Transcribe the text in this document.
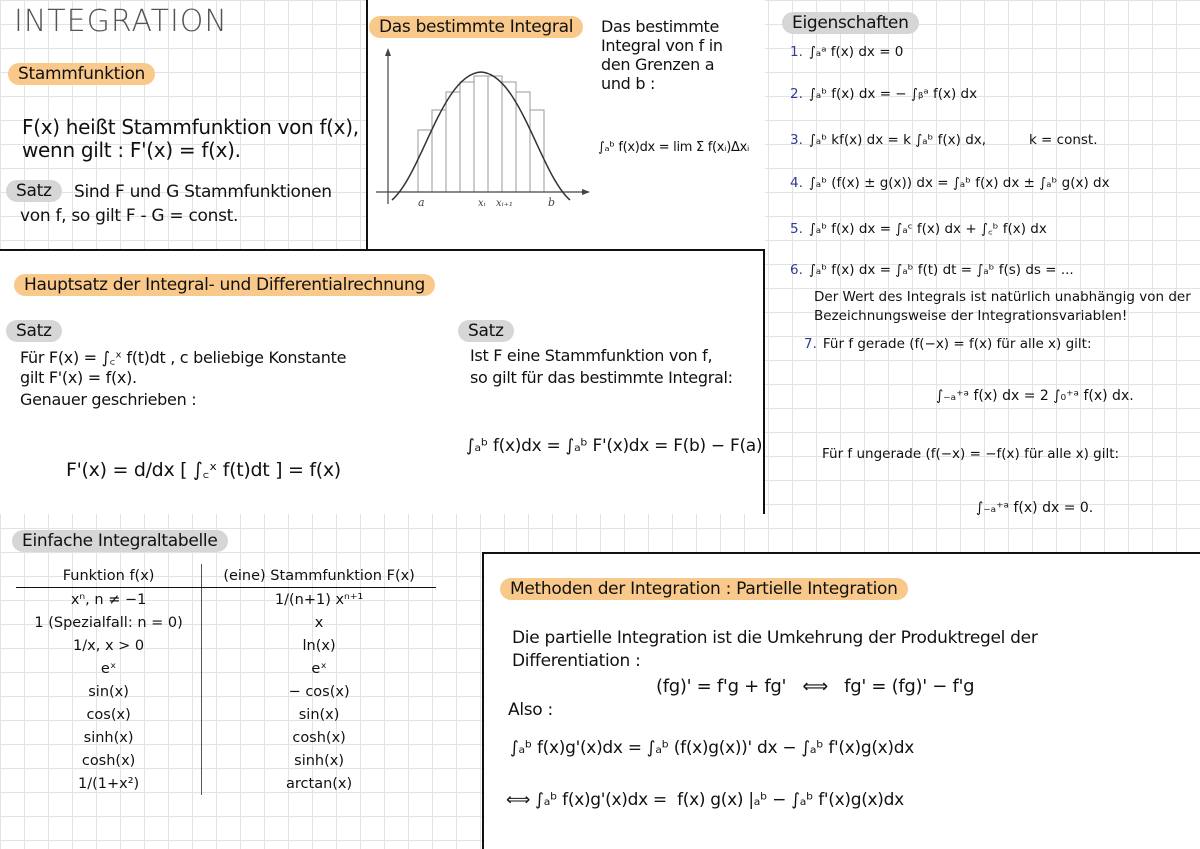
INTEGRATION
Stammfunktion
F(x) heißt Stammfunktion von f(x),
wenn gilt : F'(x) = f(x).
Satz	Sind F und G Stammfunktionen
von f, so gilt F - G = const.
Das bestimmte Integral
a	xᵢ xᵢ₊₁	b
Das bestimmte
Integral von f in
den Grenzen a
und b :
∫ₐᵇ f(x)dx = lim Σ f(xᵢ)Δxᵢ
Eigenschaften
1. ∫ₐᵃ f(x) dx = 0
2. ∫ₐᵇ f(x) dx = − ∫ᵦᵃ f(x) dx
3. ∫ₐᵇ kf(x) dx = k ∫ₐᵇ f(x) dx,          k = const.
4. ∫ₐᵇ (f(x) ± g(x)) dx = ∫ₐᵇ f(x) dx ± ∫ₐᵇ g(x) dx
5. ∫ₐᵇ f(x) dx = ∫ₐᶜ f(x) dx + ∫꜀ᵇ f(x) dx
6. ∫ₐᵇ f(x) dx = ∫ₐᵇ f(t) dt = ∫ₐᵇ f(s) ds = ...
Der Wert des Integrals ist natürlich unabhängig von der
Bezeichnungsweise der Integrationsvariablen!
7. Für f gerade (f(−x) = f(x) für alle x) gilt:
∫₋ₐ⁺ᵃ f(x) dx = 2 ∫₀⁺ᵃ f(x) dx.
Für f ungerade (f(−x) = −f(x) für alle x) gilt:
∫₋ₐ⁺ᵃ f(x) dx = 0.
Hauptsatz der Integral- und Differentialrechnung
Satz
Für F(x) = ∫꜀ˣ f(t)dt , c beliebige Konstante
gilt F'(x) = f(x).
Genauer geschrieben :
F'(x) = d/dx [ ∫꜀ˣ f(t)dt ] = f(x)
Satz
Ist F eine Stammfunktion von f,
so gilt für das bestimmte Integral:
∫ₐᵇ f(x)dx = ∫ₐᵇ F'(x)dx = F(b) − F(a)
Einfache Integraltabelle
Funktion f(x)	(eine) Stammfunktion F(x)
xⁿ, n ≠ −1	1/(n+1) xⁿ⁺¹
1 (Spezialfall: n = 0)	x
1/x, x > 0	ln(x)
eˣ	eˣ
sin(x)	− cos(x)
cos(x)	sin(x)
sinh(x)	cosh(x)
cosh(x)	sinh(x)
1/(1+x²)	arctan(x)
Methoden der Integration : Partielle Integration
Die partielle Integration ist die Umkehrung der Produktregel der
Differentiation :
(fg)' = f'g + fg'   ⟺   fg' = (fg)' − f'g
Also :
∫ₐᵇ f(x)g'(x)dx = ∫ₐᵇ (f(x)g(x))' dx − ∫ₐᵇ f'(x)g(x)dx
⟺ ∫ₐᵇ f(x)g'(x)dx =  f(x) g(x) |ₐᵇ − ∫ₐᵇ f'(x)g(x)dx
